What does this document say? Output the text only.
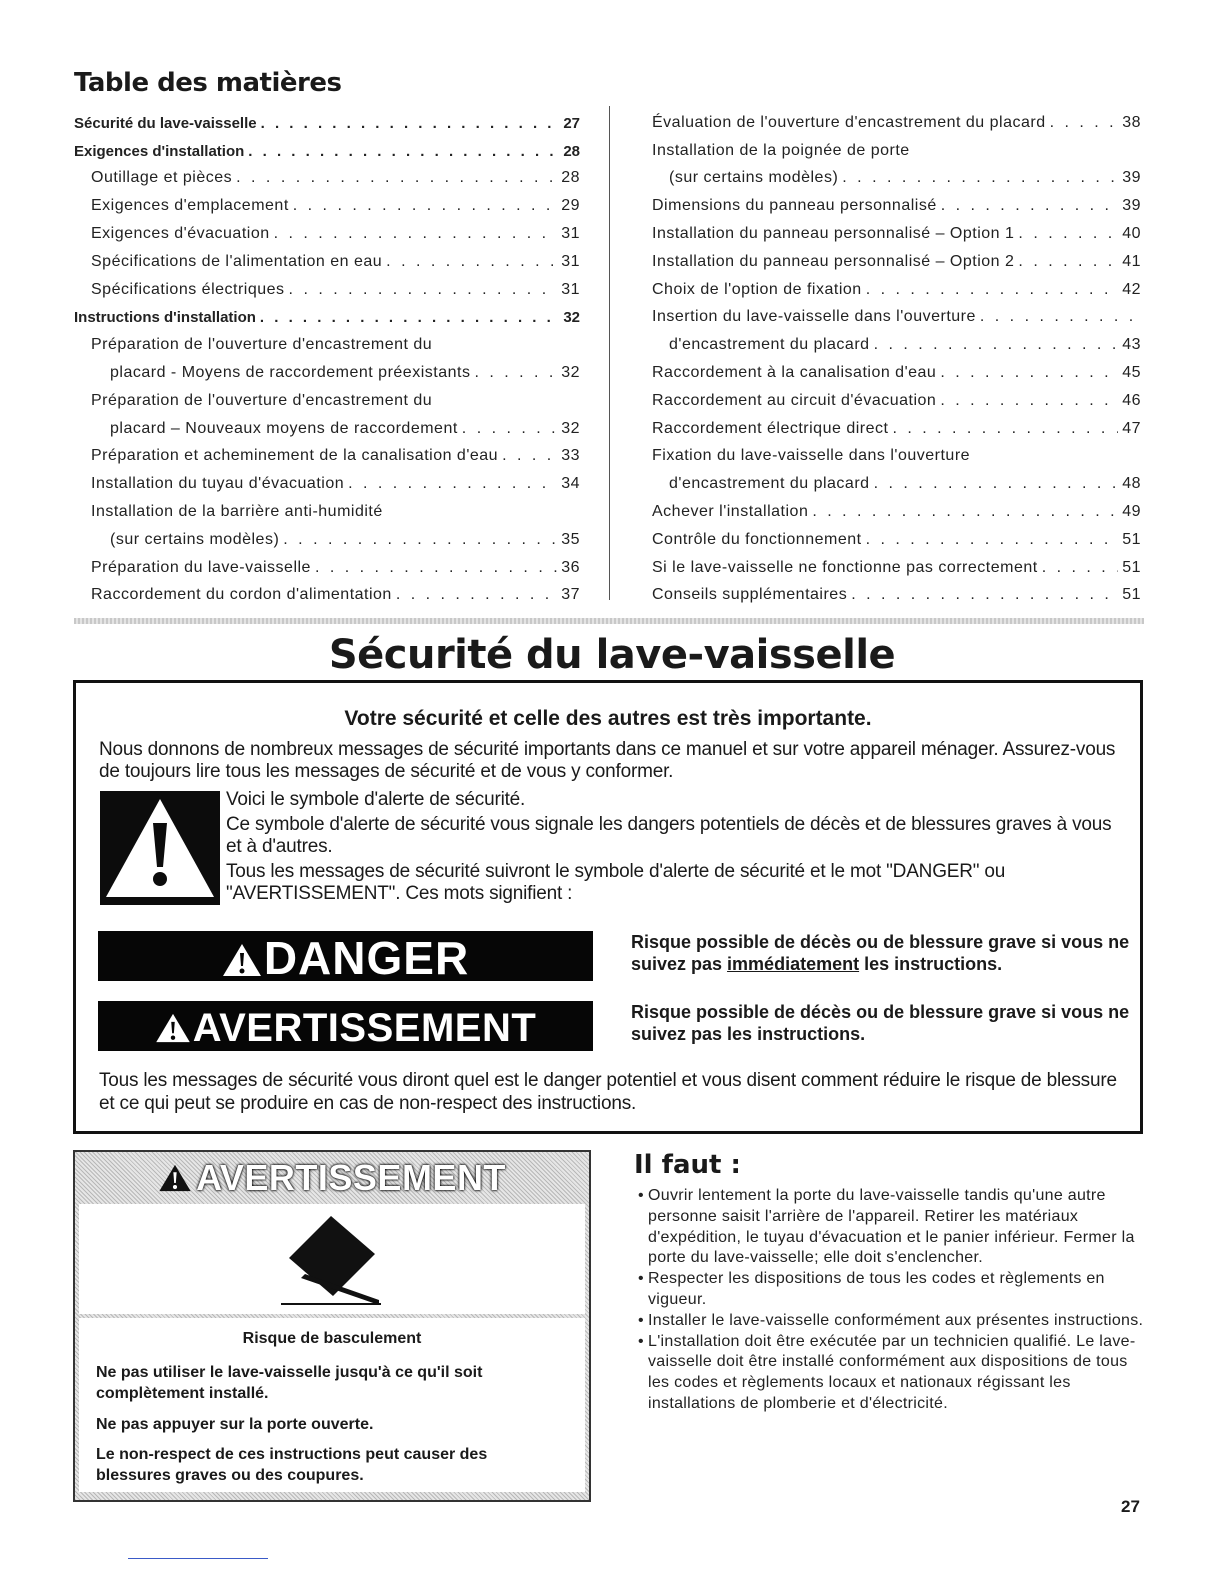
Table des matières
Sécurité du lave-vaisselle . . .	27
Exigences d'installation . . .	28
Outillage et pièces . . .	28
Exigences d'emplacement . . .	29
Exigences d'évacuation . . .	31
Spécifications de l'alimentation en eau . . .	31
Spécifications électriques . . .	31
Instructions d'installation . . .	32
Préparation de l'ouverture d'encastrement du
placard - Moyens de raccordement préexistants . . .	32
Préparation de l'ouverture d'encastrement du
placard – Nouveaux moyens de raccordement . . .	32
Préparation et acheminement de la canalisation d'eau . . .	33
Installation du tuyau d'évacuation . . .	34
Installation de la barrière anti-humidité
(sur certains modèles) . . .	35
Préparation du lave-vaisselle . . .	36
Raccordement du cordon d'alimentation . . .	37
Évaluation de l'ouverture d'encastrement du placard . . .	38
Installation de la poignée de porte
(sur certains modèles) . . .	39
Dimensions du panneau personnalisé . . .	39
Installation du panneau personnalisé – Option 1 . . .	40
Installation du panneau personnalisé – Option 2 . . .	41
Choix de l'option de fixation . . .	42
Insertion du lave-vaisselle dans l'ouverture
. . .
d'encastrement du placard . . .	43
Raccordement à la canalisation d'eau . . .	45
Raccordement au circuit d'évacuation . . .	46
Raccordement électrique direct . . .	47
Fixation du lave-vaisselle dans l'ouverture
d'encastrement du placard . . .	48
Achever l'installation . . .	49
Contrôle du fonctionnement . . .	51
Si le lave-vaisselle ne fonctionne pas correctement . . .	51
Conseils supplémentaires . . .	51
Sécurité du lave-vaisselle
Votre sécurité et celle des autres est très importante.

Nous donnons de nombreux messages de sécurité importants dans ce manuel et sur votre appareil ménager. Assurez-vous de toujours lire tous les messages de sécurité et de vous y conformer.

Voici le symbole d'alerte de sécurité.
Ce symbole d'alerte de sécurité vous signale les dangers potentiels de décès et de blessures graves à vous et à d'autres.
Tous les messages de sécurité suivront le symbole d'alerte de sécurité et le mot "DANGER" ou "AVERTISSEMENT". Ces mots signifient :
DANGER	Risque possible de décès ou de blessure grave si vous ne suivez pas immédiatement les instructions.
AVERTISSEMENT	Risque possible de décès ou de blessure grave si vous ne suivez pas les instructions.

Tous les messages de sécurité vous diront quel est le danger potentiel et vous disent comment réduire le risque de blessure et ce qui peut se produire en cas de non-respect des instructions.

AVERTISSEMENT

Risque de basculement

Ne pas utiliser le lave-vaisselle jusqu'à ce qu'il soit complètement installé.

Ne pas appuyer sur la porte ouverte.

Le non-respect de ces instructions peut causer des blessures graves ou des coupures.

Il faut :
• Ouvrir lentement la porte du lave-vaisselle tandis qu'une autre personne saisit l'arrière de l'appareil. Retirer les matériaux d'expédition, le tuyau d'évacuation et le panier inférieur. Fermer la porte du lave-vaisselle; elle doit s'enclencher.
• Respecter les dispositions de tous les codes et règlements en vigueur.
• Installer le lave-vaisselle conformément aux présentes instructions.
• L'installation doit être exécutée par un technicien qualifié. Le lave-vaisselle doit être installé conformément aux dispositions de tous les codes et règlements locaux et nationaux régissant les installations de plomberie et d'électricité.
27
